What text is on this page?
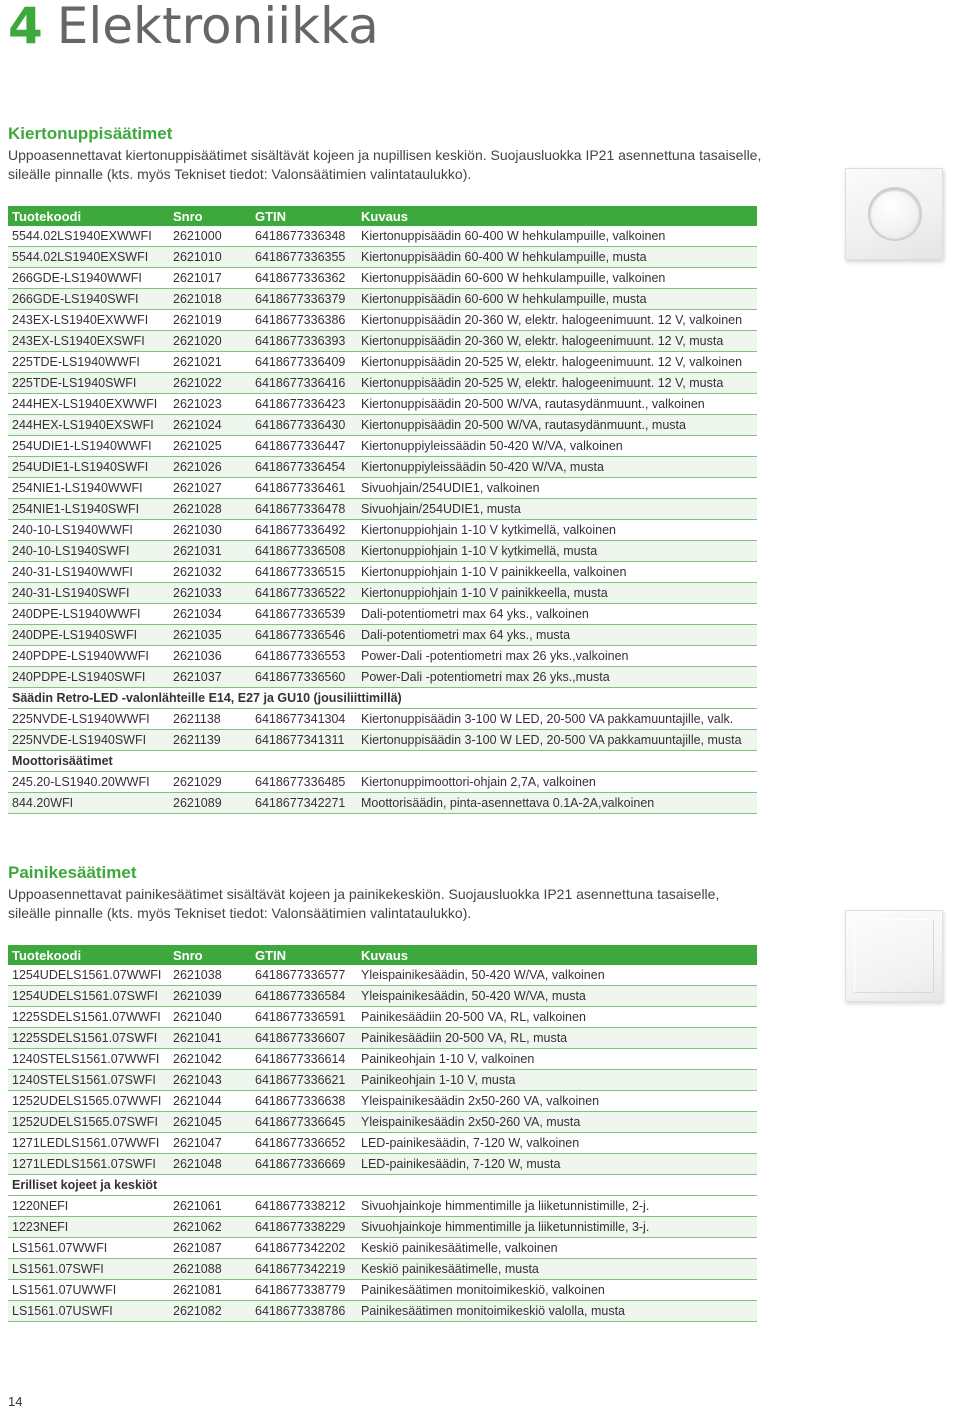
4 Elektroniikka
Kiertonuppisäätimet

Uppoasennettavat kiertonuppisäätimet sisältävät kojeen ja nupillisen keskiön. Suojausluokka IP21 asennettuna tasaiselle, sileälle pinnalle (kts. myös Tekniset tiedot: Valonsäätimien valintataulukko).

Tuotekoodi	Snro	GTIN	Kuvaus
5544.02LS1940EXWWFI	2621000	6418677336348	Kiertonuppisäädin 60-400 W hehkulampuille, valkoinen
5544.02LS1940EXSWFI	2621010	6418677336355	Kiertonuppisäädin 60-400 W hehkulampuille, musta
266GDE-LS1940WWFI	2621017	6418677336362	Kiertonuppisäädin 60-600 W hehkulampuille, valkoinen
266GDE-LS1940SWFI	2621018	6418677336379	Kiertonuppisäädin 60-600 W hehkulampuille, musta
243EX-LS1940EXWWFI	2621019	6418677336386	Kiertonuppisäädin 20-360 W, elektr. halogeenimuunt. 12 V, valkoinen
243EX-LS1940EXSWFI	2621020	6418677336393	Kiertonuppisäädin 20-360 W, elektr. halogeenimuunt. 12 V, musta
225TDE-LS1940WWFI	2621021	6418677336409	Kiertonuppisäädin 20-525 W, elektr. halogeenimuunt. 12 V, valkoinen
225TDE-LS1940SWFI	2621022	6418677336416	Kiertonuppisäädin 20-525 W, elektr. halogeenimuunt. 12 V, musta
244HEX-LS1940EXWWFI	2621023	6418677336423	Kiertonuppisäädin 20-500 W/VA, rautasydänmuunt., valkoinen
244HEX-LS1940EXSWFI	2621024	6418677336430	Kiertonuppisäädin 20-500 W/VA, rautasydänmuunt., musta
254UDIE1-LS1940WWFI	2621025	6418677336447	Kiertonuppiyleissäädin 50-420 W/VA, valkoinen
254UDIE1-LS1940SWFI	2621026	6418677336454	Kiertonuppiyleissäädin 50-420 W/VA, musta
254NIE1-LS1940WWFI	2621027	6418677336461	Sivuohjain/254UDIE1, valkoinen
254NIE1-LS1940SWFI	2621028	6418677336478	Sivuohjain/254UDIE1, musta
240-10-LS1940WWFI	2621030	6418677336492	Kiertonuppiohjain 1-10 V kytkimellä, valkoinen
240-10-LS1940SWFI	2621031	6418677336508	Kiertonuppiohjain 1-10 V kytkimellä, musta
240-31-LS1940WWFI	2621032	6418677336515	Kiertonuppiohjain 1-10 V painikkeella, valkoinen
240-31-LS1940SWFI	2621033	6418677336522	Kiertonuppiohjain 1-10 V painikkeella, musta
240DPE-LS1940WWFI	2621034	6418677336539	Dali-potentiometri max 64 yks., valkoinen
240DPE-LS1940SWFI	2621035	6418677336546	Dali-potentiometri max 64 yks., musta
240PDPE-LS1940WWFI	2621036	6418677336553	Power-Dali -potentiometri max 26 yks.,valkoinen
240PDPE-LS1940SWFI	2621037	6418677336560	Power-Dali -potentiometri max 26 yks.,musta
Säädin Retro-LED -valonlähteille E14, E27 ja GU10 (jousiliittimillä)			
225NVDE-LS1940WWFI	2621138	6418677341304	Kiertonuppisäädin 3-100 W LED, 20-500 VA pakkamuuntajille, valk.
225NVDE-LS1940SWFI	2621139	6418677341311	Kiertonuppisäädin 3-100 W LED, 20-500 VA pakkamuuntajille, musta
Moottorisäätimet			
245.20-LS1940.20WWFI	2621029	6418677336485	Kiertonuppimoottori-ohjain 2,7A, valkoinen
844.20WFI	2621089	6418677342271	Moottorisäädin, pinta-asennettava 0.1A-2A,valkoinen
Painikesäätimet

Uppoasennettavat painikesäätimet sisältävät kojeen ja painikekeskiön. Suojausluokka IP21 asennettuna tasaiselle, sileälle pinnalle (kts. myös Tekniset tiedot: Valonsäätimien valintataulukko).

Tuotekoodi	Snro	GTIN	Kuvaus
1254UDELS1561.07WWFI	2621038	6418677336577	Yleispainikesäädin, 50-420 W/VA, valkoinen
1254UDELS1561.07SWFI	2621039	6418677336584	Yleispainikesäädin, 50-420 W/VA, musta
1225SDELS1561.07WWFI	2621040	6418677336591	Painikesäädiin 20-500 VA, RL, valkoinen
1225SDELS1561.07SWFI	2621041	6418677336607	Painikesäädiin 20-500 VA, RL, musta
1240STELS1561.07WWFI	2621042	6418677336614	Painikeohjain 1-10 V, valkoinen
1240STELS1561.07SWFI	2621043	6418677336621	Painikeohjain 1-10 V, musta
1252UDELS1565.07WWFI	2621044	6418677336638	Yleispainikesäädin 2x50-260 VA, valkoinen
1252UDELS1565.07SWFI	2621045	6418677336645	Yleispainikesäädin 2x50-260 VA, musta
1271LEDLS1561.07WWFI	2621047	6418677336652	LED-painikesäädin, 7-120 W, valkoinen
1271LEDLS1561.07SWFI	2621048	6418677336669	LED-painikesäädin, 7-120 W, musta
Erilliset kojeet ja keskiöt			
1220NEFI	2621061	6418677338212	Sivuohjainkoje himmentimille ja liiketunnistimille, 2-j.
1223NEFI	2621062	6418677338229	Sivuohjainkoje himmentimille ja liiketunnistimille, 3-j.
LS1561.07WWFI	2621087	6418677342202	Keskiö painikesäätimelle, valkoinen
LS1561.07SWFI	2621088	6418677342219	Keskiö painikesäätimelle, musta
LS1561.07UWWFI	2621081	6418677338779	Painikesäätimen monitoimikeskiö, valkoinen
LS1561.07USWFI	2621082	6418677338786	Painikesäätimen monitoimikeskiö valolla, musta
14
